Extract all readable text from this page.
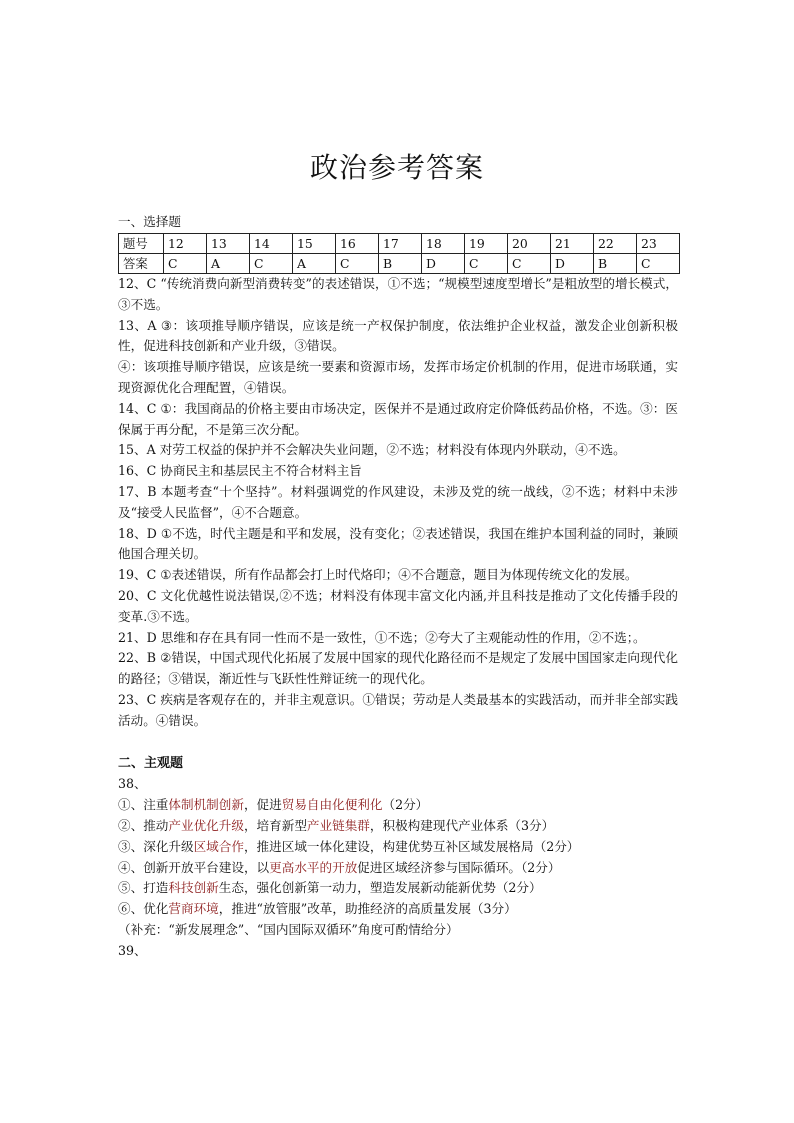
政治参考答案

一、选择题

题号	12	13	14	15	16	17	18	19	20	21	22	23
答案	C	A	C	A	C	B	D	C	C	D	B	C

12、C “传统消费向新型消费转变”的表述错误，①不选；“规模型速度型增长”是粗放型的增长模式，③不选。

13、A ③：该项推导顺序错误，应该是统一产权保护制度，依法维护企业权益，激发企业创新积极性，促进科技创新和产业升级，③错误。

④：该项推导顺序错误，应该是统一要素和资源市场，发挥市场定价机制的作用，促进市场联通，实现资源优化合理配置，④错误。

14、C ①：我国商品的价格主要由市场决定，医保并不是通过政府定价降低药品价格，不选。③：医保属于再分配，不是第三次分配。

15、A 对劳工权益的保护并不会解决失业问题，②不选；材料没有体现内外联动，④不选。

16、C 协商民主和基层民主不符合材料主旨

17、B 本题考查“十个坚持”。材料强调党的作风建设，未涉及党的统一战线，②不选；材料中未涉及“接受人民监督”，④不合题意。

18、D ①不选，时代主题是和平和发展，没有变化；②表述错误，我国在维护本国利益的同时，兼顾他国合理关切。

19、C ①表述错误，所有作品都会打上时代烙印；④不合题意，题目为体现传统文化的发展。

20、C 文化优越性说法错误,②不选；材料没有体现丰富文化内涵,并且科技是推动了文化传播手段的变革.③不选。

21、D 思维和存在具有同一性而不是一致性，①不选；②夸大了主观能动性的作用，②不选；。

22、B ②错误，中国式现代化拓展了发展中国家的现代化路径而不是规定了发展中国国家走向现代化的路径；③错误，渐近性与飞跃性性辩证统一的现代化。

23、C 疾病是客观存在的，并非主观意识。①错误；劳动是人类最基本的实践活动，而并非全部实践活动。④错误。

二、主观题

38、

①、注重体制机制创新，促进贸易自由化便利化（2分）

②、推动产业优化升级，培育新型产业链集群，积极构建现代产业体系（3分）

③、深化升级区域合作，推进区域一体化建设，构建优势互补区域发展格局（2分）

④、创新开放平台建设，以更高水平的开放促进区域经济参与国际循环。（2分）

⑤、打造科技创新生态，强化创新第一动力，塑造发展新动能新优势（2分）

⑥、优化营商环境，推进“放管服”改革，助推经济的高质量发展（3分）

（补充：“新发展理念”、“国内国际双循环”角度可酌情给分）

39、
